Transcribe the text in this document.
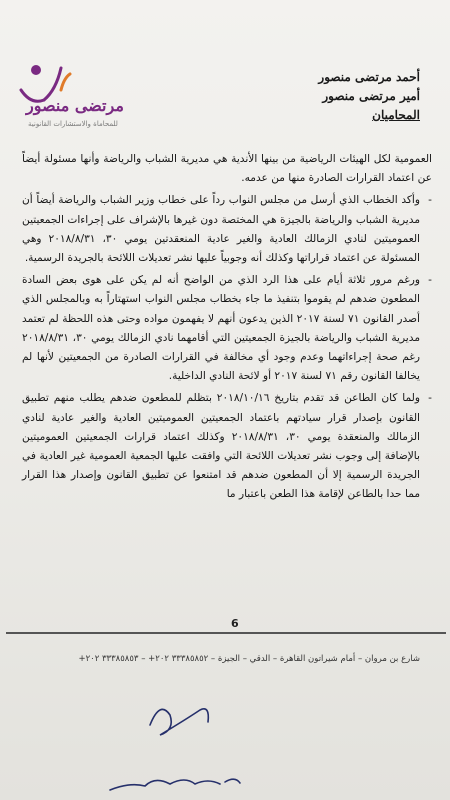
مرتضى منصور
للمحاماة والاستشارات القانونية
أحمد مرتضى منصور
أمير مرتضى منصور
المحاميان

العمومية لكل الهيئات الرياضية من بينها الأندية هي مديرية الشباب والرياضة وأنها مسئولة أيضاً عن اعتماد القرارات الصادرة منها من عدمه.

- وأكد الخطاب الذي أرسل من مجلس النواب رداً على خطاب وزير الشباب والرياضة أيضاً أن مديرية الشباب والرياضة بالجيزة هي المختصة دون غيرها بالإشراف على إجراءات الجمعيتين العموميتين لنادي الزمالك العادية والغير عادية المنعقدتين يومي ٣٠، ٢٠١٨/٨/٣١ وهي المسئولة عن اعتماد قراراتها وكذلك أنه وجوبياً عليها نشر تعديلات اللائحة بالجريدة الرسمية.

- ورغم مرور ثلاثة أيام على هذا الرد الذي من الواضح أنه لم يكن على هوى بعض السادة المطعون ضدهم لم يقوموا بتنفيذ ما جاء بخطاب مجلس النواب استهتاراً به وبالمجلس الذي أصدر القانون ٧١ لسنة ٢٠١٧ الذين يدعون أنهم لا يفهمون مواده وحتى هذه اللحظة لم تعتمد مديرية الشباب والرياضة بالجيزة الجمعيتين التي أقامهما نادي الزمالك يومي ٣٠، ٢٠١٨/٨/٣١ رغم صحة إجراءاتهما وعدم وجود أي مخالفة في القرارات الصادرة من الجمعيتين لأنها لم يخالفا القانون رقم ٧١ لسنة ٢٠١٧ أو لائحة النادي الداخلية.

- ولما كان الطاعن قد تقدم بتاريخ ٢٠١٨/١٠/١٦ بتظلم للمطعون ضدهم يطلب منهم تطبيق القانون بإصدار قرار سيادتهم باعتماد الجمعيتين العموميتين العادية والغير عادية لنادي الزمالك والمنعقدة يومي ٣٠، ٢٠١٨/٨/٣١ وكذلك اعتماد قرارات الجمعيتين العموميتين بالإضافة إلى وجوب نشر تعديلات اللائحة التي وافقت عليها الجمعية العمومية غير العادية في الجريدة الرسمية إلا أن المطعون ضدهم قد امتنعوا عن تطبيق القانون وإصدار هذا القرار مما حدا بالطاعن لإقامة هذا الطعن باعتبار ما

6
شارع بن مروان – أمام شيراتون القاهرة – الدقي – الجيزة – ٣٣٣٨٥٨٥٢ ٢٠٢+ – ٣٣٣٨٥٨٥٣ ٢٠٢+
